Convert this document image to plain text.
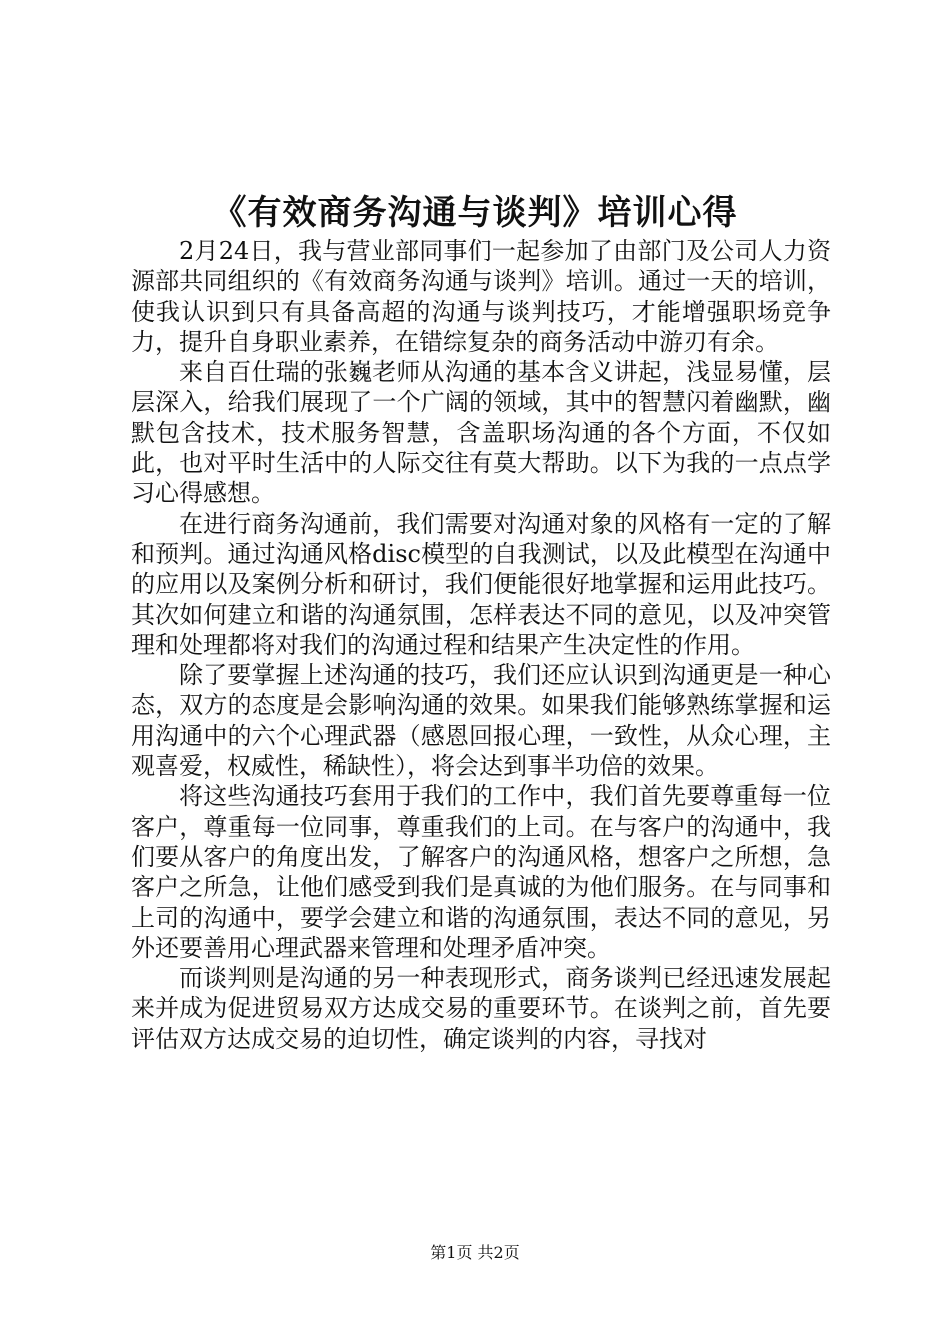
《有效商务沟通与谈判》培训心得

2月24日，我与营业部同事们一起参加了由部门及公司人力资源部共同组织的《有效商务沟通与谈判》培训。通过一天的培训，使我认识到只有具备高超的沟通与谈判技巧，才能增强职场竞争力，提升自身职业素养，在错综复杂的商务活动中游刃有余。

来自百仕瑞的张巍老师从沟通的基本含义讲起，浅显易懂，层层深入，给我们展现了一个广阔的领域，其中的智慧闪着幽默，幽默包含技术，技术服务智慧，含盖职场沟通的各个方面，不仅如此，也对平时生活中的人际交往有莫大帮助。以下为我的一点点学习心得感想。

在进行商务沟通前，我们需要对沟通对象的风格有一定的了解和预判。通过沟通风格disc模型的自我测试，以及此模型在沟通中的应用以及案例分析和研讨，我们便能很好地掌握和运用此技巧。其次如何建立和谐的沟通氛围，怎样表达不同的意见，以及冲突管理和处理都将对我们的沟通过程和结果产生决定性的作用。

除了要掌握上述沟通的技巧，我们还应认识到沟通更是一种心态，双方的态度是会影响沟通的效果。如果我们能够熟练掌握和运用沟通中的六个心理武器（感恩回报心理，一致性，从众心理，主观喜爱，权威性，稀缺性），将会达到事半功倍的效果。

将这些沟通技巧套用于我们的工作中，我们首先要尊重每一位客户，尊重每一位同事，尊重我们的上司。在与客户的沟通中，我们要从客户的角度出发，了解客户的沟通风格，想客户之所想，急客户之所急，让他们感受到我们是真诚的为他们服务。在与同事和上司的沟通中，要学会建立和谐的沟通氛围，表达不同的意见，另外还要善用心理武器来管理和处理矛盾冲突。

而谈判则是沟通的另一种表现形式，商务谈判已经迅速发展起来并成为促进贸易双方达成交易的重要环节。在谈判之前，首先要评估双方达成交易的迫切性，确定谈判的内容，寻找对

第1页 共2页
